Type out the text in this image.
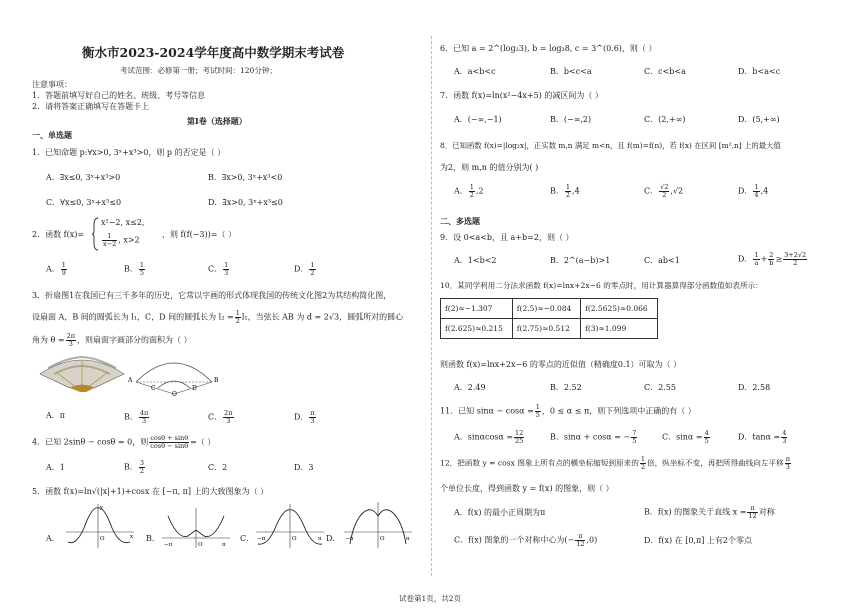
衡水市2023-2024学年度高中数学期末考试卷
考试范围：必修第一册；考试时间：120分钟；
注意事项：
1．答题前填写好自己的姓名、班级、考号等信息
2．请将答案正确填写在答题卡上
第I卷（选择题）
一、单选题
1．已知命题 p:∀x>0, 3ˣ+x³>0，则 p 的否定是（ ）
A．∃x≤0, 3ˣ+x³>0	B．∃x>0, 3ˣ+x³<0
C．∀x≤0, 3ˣ+x³≤0	D．∃x>0, 3ˣ+x³≤0
2．函数 f(x)=
x²−2, x≤2,
$\frac{1}{x-2}$ , x>2
，则 f(f(−3))=（ ）
A． $\frac{1}{9}$	B． $\frac{1}{5}$	C． $\frac{1}{3}$	D． $\frac{1}{2}$
3．折扇图1在我国已有三千多年的历史，它常以字画的形式体现我国的传统文化图2为其结构简化图，
设扇面 A，B 间的圆弧长为 l₁，C，D 间的圆弧长为 $l_2 = \frac{1}{2} l_1$，当弦长 AB 为 d = 2√3，圆弧所对的圆心
角为 $\theta = \frac{2\pi}{3}$ ，则扇面字画部分的面积为（ ）
A	B
C	D
O
A．π	B． $\frac{4\pi}{3}$	C． $\frac{2\pi}{3}$	D． $\frac{\pi}{3}$
4．已知 2sinθ − cosθ = 0，则 $\frac{\cos\theta + \sin\theta}{\cos\theta - \sin\theta}$ =（ ）
A．1	B． $\frac{3}{2}$	C．2	D．3
5．函数 f(x)=ln√(|x|+1)+cosx 在 [−π, π] 上的大致图象为（ ）
A．	O	x
y
B．
−π	O	π
C．	O
−π	π D．	O
−π	π
6．已知 a = 2^(log₂3), b = log₃8, c = 3^(0.6)，则（ ）
A．a<b<c	B．b<c<a	C．c<b<a	D．b<a<c
7．函数 f(x)=ln(x²−4x+5) 的减区间为（ ）
A．(−∞,−1)	B．(−∞,2)	C．(2,+∞)	D．(5,+∞)
8．已知函数 f(x)=|log₂x|，正实数 m,n 满足 m<n，且 f(m)=f(n)，若 f(x) 在区间 [m²,n] 上的最大值
为2，则 m,n 的值分别为( )
A． $\frac{1}{2} ,2$	B． $\frac{1}{2} ,4$	C． $\frac{√2}{2} ,√2$	D． $\frac{1}{4} ,4$
二、多选题
9．设 0<a<b，且 a+b=2，则（ ）
A．1<b<2	B．2^(a−b)>1	C．ab<1	D． $\frac{1}{a} + \frac{2}{b} \ge \frac{3+2√2}{2}$
10．某同学利用二分法求函数 f(x)=lnx+2x−6 的零点时，用计算器算得部分函数值如表所示：
f(2)≈−1.307	f(2.5)≈−0.084	f(2.5625)≈0.066
f(2.625)≈0.215	f(2.75)≈0.512	f(3)≈1.099
则函数 f(x)=lnx+2x−6 的零点的近似值（精确度0.1）可取为（ ）
A．2.49	B．2.52	C．2.55	D．2.58
11．已知 $\sin\alpha - \cos\alpha = \frac{1}{5}$ ，0 ≤ α ≤ π，则下列选项中正确的有（ ）
A．$\sin\alpha\cos\alpha = \frac{12}{25}$	B．sinα + cosα = − $\frac{7}{5}$	C．$\sin\alpha = \frac{4}{5}$	D．$\tan\alpha = \frac{4}{3}$
12．把函数 y = cosx 图象上所有点的横坐标缩短到原来的 $\frac{1}{2}$ 倍，纵坐标不变，再把所得曲线向左平移 $\frac{\pi}{3}$
个单位长度，得到函数 y = f(x) 的图象，则（ ）
A．f(x) 的最小正周期为π	B．f(x) 的图象关于直线 $x = \frac{\pi}{12}$ 对称
C．f(x) 图象的一个对称中心为(− $\frac{\pi}{12} ,0$)	D．f(x) 在 [0,π] 上有2个零点
试卷第1页，共2页
